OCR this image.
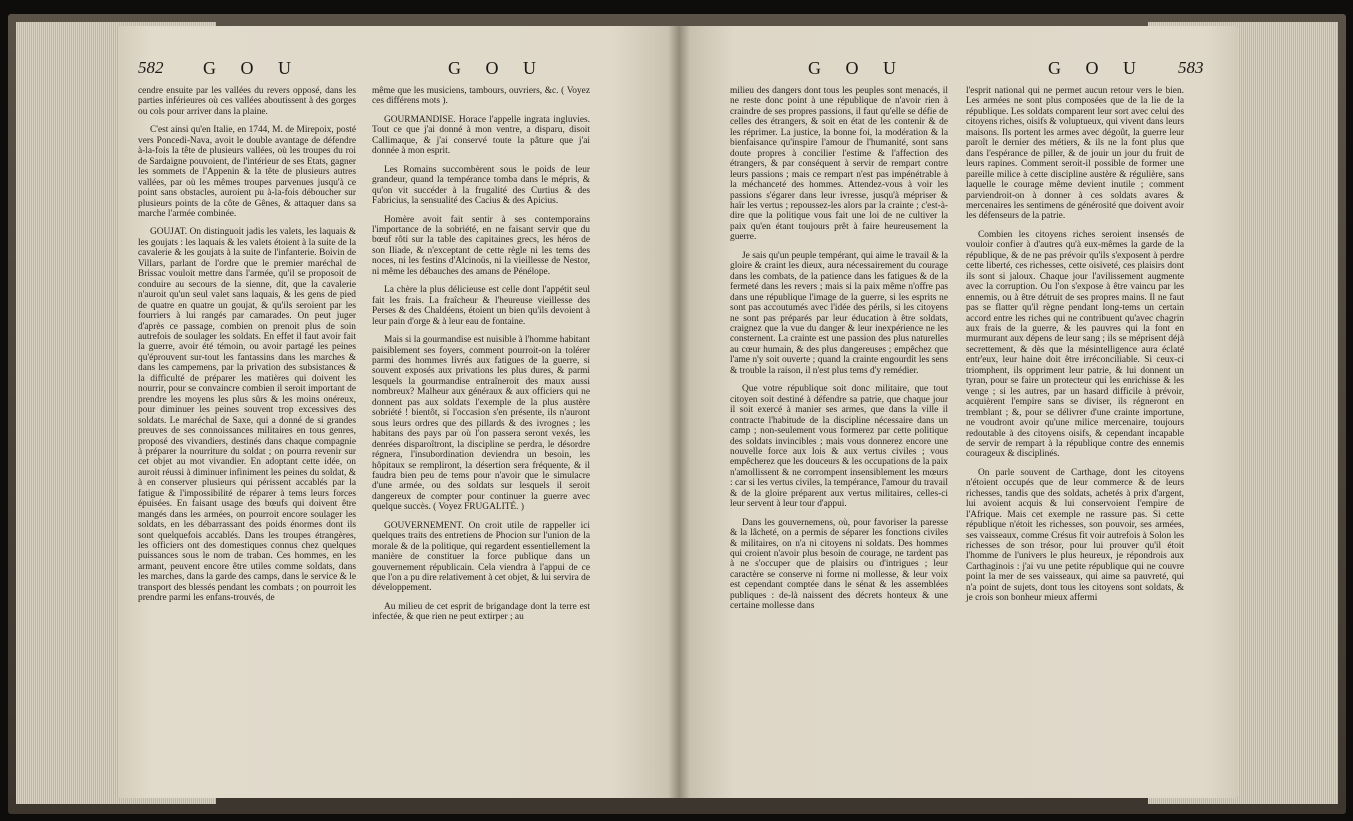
582 G O U	G O U

cendre ensuite par les vallées du revers opposé, dans les parties inférieures où ces vallées aboutissent à des gorges ou cols pour arriver dans la plaine.

C'est ainsi qu'en Italie, en 1744, M. de Mirepoix, posté vers Poncedi-Nava, avoit le double avantage de défendre à-la-fois la tête de plusieurs vallées, où les troupes du roi de Sardaigne pouvoient, de l'intérieur de ses Etats, gagner les sommets de l'Appenin & la tête de plusieurs autres vallées, par où les mêmes troupes parvenues jusqu'à ce point sans obstacles, auroient pu à-la-fois déboucher sur plusieurs points de la côte de Gênes, & attaquer dans sa marche l'armée combinée.

GOUJAT. On distinguoit jadis les valets, les laquais & les goujats : les laquais & les valets étoient à la suite de la cavalerie & les goujats à la suite de l'infanterie. Boivin de Villars, parlant de l'ordre que le premier maréchal de Brissac vouloit mettre dans l'armée, qu'il se proposoit de conduire au secours de la sienne, dit, que la cavalerie n'auroit qu'un seul valet sans laquais, & les gens de pied de quatre en quatre un goujat, & qu'ils seroient par les fourriers à lui rangés par camarades. On peut juger d'après ce passage, combien on prenoit plus de soin autrefois de soulager les soldats. En effet il faut avoir fait la guerre, avoir été témoin, ou avoir partagé les peines qu'éprouvent sur-tout les fantassins dans les marches & dans les campemens, par la privation des subsistances & la difficulté de préparer les matières qui doivent les nourrir, pour se convaincre combien il seroit important de prendre les moyens les plus sûrs & les moins onéreux, pour diminuer les peines souvent trop excessives des soldats. Le maréchal de Saxe, qui a donné de si grandes preuves de ses connoissances militaires en tous genres, proposé des vivandiers, destinés dans chaque compagnie à préparer la nourriture du soldat ; on pourra revenir sur cet objet au mot vivandier. En adoptant cette idée, on auroit réussi à diminuer infiniment les peines du soldat, & à en conserver plusieurs qui périssent accablés par la fatigue & l'impossibilité de réparer à tems leurs forces épuisées. En faisant usage des bœufs qui doivent être mangés dans les armées, on pourroit encore soulager les soldats, en les débarrassant des poids énormes dont ils sont quelquefois accablés. Dans les troupes étrangères, les officiers ont des domestiques connus chez quelques puissances sous le nom de traban. Ces hommes, en les armant, peuvent encore être utiles comme soldats, dans les marches, dans la garde des camps, dans le service & le transport des blessés pendant les combats ; on pourroit les prendre parmi les enfans-trouvés, de

même que les musiciens, tambours, ouvriers, &c. ( Voyez ces différens mots ).

GOURMANDISE. Horace l'appelle ingrata ingluvies. Tout ce que j'ai donné à mon ventre, a disparu, disoit Callimaque, & j'ai conservé toute la pâture que j'ai donnée à mon esprit.

Les Romains succombèrent sous le poids de leur grandeur, quand la tempérance tomba dans le mépris, & qu'on vit succéder à la frugalité des Curtius & des Fabricius, la sensualité des Cacius & des Apicius.

Homère avoit fait sentir à ses contemporains l'importance de la sobriété, en ne faisant servir que du bœuf rôti sur la table des capitaines grecs, les héros de son Iliade, & n'exceptant de cette règle ni les tems des noces, ni les festins d'Alcinoüs, ni la vieillesse de Nestor, ni même les débauches des amans de Pénélope.

La chère la plus délicieuse est celle dont l'appétit seul fait les frais. La fraîcheur & l'heureuse vieillesse des Perses & des Chaldéens, étoient un bien qu'ils devoient à leur pain d'orge & à leur eau de fontaine.

Mais si la gourmandise est nuisible à l'homme habitant paisiblement ses foyers, comment pourroit-on la tolérer parmi des hommes livrés aux fatigues de la guerre, si souvent exposés aux privations les plus dures, & parmi lesquels la gourmandise entraîneroit des maux aussi nombreux? Malheur aux généraux & aux officiers qui ne donnent pas aux soldats l'exemple de la plus austère sobriété ! bientôt, si l'occasion s'en présente, ils n'auront sous leurs ordres que des pillards & des ivrognes ; les habitans des pays par où l'on passera seront vexés, les denrées disparoîtront, la discipline se perdra, le désordre régnera, l'insubordination deviendra un besoin, les hôpitaux se rempliront, la désertion sera fréquente, & il faudra bien peu de tems pour n'avoir que le simulacre d'une armée, ou des soldats sur lesquels il seroit dangereux de compter pour continuer la guerre avec quelque succès. ( Voyez FRUGALITÉ. )

GOUVERNEMENT. On croit utile de rappeller ici quelques traits des entretiens de Phocion sur l'union de la morale & de la politique, qui regardent essentiellement la manière de constituer la force publique dans un gouvernement républicain. Cela viendra à l'appui de ce que l'on a pu dire relativement à cet objet, & lui servira de développement.

Au milieu de cet esprit de brigandage dont la terre est infectée, & que rien ne peut extirper ; au

G O U	G O U 583

milieu des dangers dont tous les peuples sont menacés, il ne reste donc point à une république de n'avoir rien à craindre de ses propres passions, il faut qu'elle se défie de celles des étrangers, & soit en état de les contenir & de les réprimer. La justice, la bonne foi, la modération & la bienfaisance qu'inspire l'amour de l'humanité, sont sans doute propres à concilier l'estime & l'affection des étrangers, & par conséquent à servir de rempart contre leurs passions ; mais ce rempart n'est pas impénétrable à la méchanceté des hommes. Attendez-vous à voir les passions s'égarer dans leur ivresse, jusqu'à mépriser & haïr les vertus ; repoussez-les alors par la crainte ; c'est-à-dire que la politique vous fait une loi de ne cultiver la paix qu'en étant toujours prêt à faire heureusement la guerre.

Je sais qu'un peuple tempérant, qui aime le travail & la gloire & craint les dieux, aura nécessairement du courage dans les combats, de la patience dans les fatigues & de la fermeté dans les revers ; mais si la paix même n'offre pas dans une république l'image de la guerre, si les esprits ne sont pas accoutumés avec l'idée des périls, si les citoyens ne sont pas préparés par leur éducation à être soldats, craignez que la vue du danger & leur inexpérience ne les consternent. La crainte est une passion des plus naturelles au cœur humain, & des plus dangereuses ; empêchez que l'ame n'y soit ouverte ; quand la crainte engourdit les sens & trouble la raison, il n'est plus tems d'y remédier.

Que votre république soit donc militaire, que tout citoyen soit destiné à défendre sa patrie, que chaque jour il soit exercé à manier ses armes, que dans la ville il contracte l'habitude de la discipline nécessaire dans un camp ; non-seulement vous formerez par cette politique des soldats invincibles ; mais vous donnerez encore une nouvelle force aux lois & aux vertus civiles ; vous empêcherez que les douceurs & les occupations de la paix n'amollissent & ne corrompent insensiblement les mœurs : car si les vertus civiles, la tempérance, l'amour du travail & de la gloire préparent aux vertus militaires, celles-ci leur servent à leur tour d'appui.

Dans les gouvernemens, où, pour favoriser la paresse & la lâcheté, on a permis de séparer les fonctions civiles & militaires, on n'a ni citoyens ni soldats. Des hommes qui croient n'avoir plus besoin de courage, ne tardent pas à ne s'occuper que de plaisirs ou d'intrigues ; leur caractère se conserve ni forme ni mollesse, & leur voix est cependant comptée dans le sénat & les assemblées publiques : de-là naissent des décrets honteux & une certaine mollesse dans

l'esprit national qui ne permet aucun retour vers le bien. Les armées ne sont plus composées que de la lie de la république. Les soldats comparent leur sort avec celui des citoyens riches, oisifs & voluptueux, qui vivent dans leurs maisons. Ils portent les armes avec dégoût, la guerre leur paroît le dernier des métiers, & ils ne la font plus que dans l'espérance de piller, & de jouir un jour du fruit de leurs rapines. Comment seroit-il possible de former une pareille milice à cette discipline austère & régulière, sans laquelle le courage même devient inutile ; comment parviendroit-on à donner à ces soldats avares & mercenaires les sentimens de générosité que doivent avoir les défenseurs de la patrie.

Combien les citoyens riches seroient insensés de vouloir confier à d'autres qu'à eux-mêmes la garde de la république, & de ne pas prévoir qu'ils s'exposent à perdre cette liberté, ces richesses, cette oisiveté, ces plaisirs dont ils sont si jaloux. Chaque jour l'avilissement augmente avec la corruption. Ou l'on s'expose à être vaincu par les ennemis, ou à être détruit de ses propres mains. Il ne faut pas se flatter qu'il règne pendant long-tems un certain accord entre les riches qui ne contribuent qu'avec chagrin aux frais de la guerre, & les pauvres qui la font en murmurant aux dépens de leur sang ; ils se méprisent déjà secrettement, & dès que la mésintelligence aura éclaté entr'eux, leur haine doit être irréconciliable. Si ceux-ci triomphent, ils oppriment leur patrie, & lui donnent un tyran, pour se faire un protecteur qui les enrichisse & les venge ; si les autres, par un hasard difficile à prévoir, acquièrent l'empire sans se diviser, ils régneront en tremblant ; &, pour se délivrer d'une crainte importune, ne voudront avoir qu'une milice mercenaire, toujours redoutable à des citoyens oisifs, & cependant incapable de servir de rempart à la république contre des ennemis courageux & disciplinés.

On parle souvent de Carthage, dont les citoyens n'étoient occupés que de leur commerce & de leurs richesses, tandis que des soldats, achetés à prix d'argent, lui avoient acquis & lui conservoient l'empire de l'Afrique. Mais cet exemple ne rassure pas. Si cette république n'étoit les richesses, son pouvoir, ses armées, ses vaisseaux, comme Crésus fit voir autrefois à Solon les richesses de son trésor, pour lui prouver qu'il étoit l'homme de l'univers le plus heureux, je répondrois aux Carthaginois : j'ai vu une petite république qui ne couvre point la mer de ses vaisseaux, qui aime sa pauvreté, qui n'a point de sujets, dont tous les citoyens sont soldats, & je crois son bonheur mieux affermi
